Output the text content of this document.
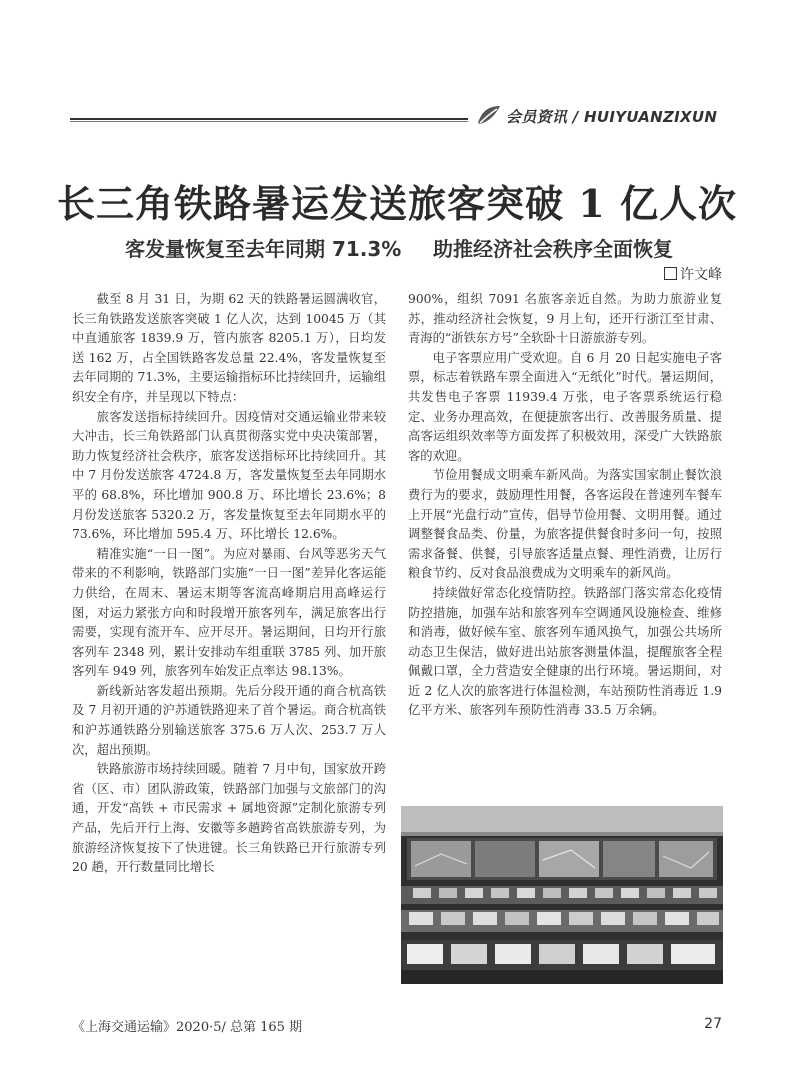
会员资讯 / HUIYUANZIXUN
长三角铁路暑运发送旅客突破 1 亿人次
客发量恢复至去年同期 71.3% 助推经济社会秩序全面恢复
许文峰

截至 8 月 31 日，为期 62 天的铁路暑运圆满收官，长三角铁路发送旅客突破 1 亿人次，达到 10045 万（其中直通旅客 1839.9 万，管内旅客 8205.1 万），日均发送 162 万，占全国铁路客发总量 22.4%，客发量恢复至去年同期的 71.3%，主要运输指标环比持续回升，运输组织安全有序，并呈现以下特点：

旅客发送指标持续回升。因疫情对交通运输业带来较大冲击，长三角铁路部门认真贯彻落实党中央决策部署，助力恢复经济社会秩序，旅客发送指标环比持续回升。其中 7 月份发送旅客 4724.8 万，客发量恢复至去年同期水平的 68.8%，环比增加 900.8 万、环比增长 23.6%；8 月份发送旅客 5320.2 万，客发量恢复至去年同期水平的 73.6%，环比增加 595.4 万、环比增长 12.6%。

精准实施“一日一图”。为应对暴雨、台风等恶劣天气带来的不利影响，铁路部门实施“一日一图”差异化客运能力供给，在周末、暑运末期等客流高峰期启用高峰运行图，对运力紧张方向和时段增开旅客列车，满足旅客出行需要，实现有流开车、应开尽开。暑运期间，日均开行旅客列车 2348 列，累计安排动车组重联 3785 列、加开旅客列车 949 列，旅客列车始发正点率达 98.13%。

新线新站客发超出预期。先后分段开通的商合杭高铁及 7 月初开通的沪苏通铁路迎来了首个暑运。商合杭高铁和沪苏通铁路分别输送旅客 375.6 万人次、253.7 万人次，超出预期。

铁路旅游市场持续回暖。随着 7 月中旬，国家放开跨省（区、市）团队游政策，铁路部门加强与文旅部门的沟通，开发“高铁 + 市民需求 + 属地资源”定制化旅游专列产品，先后开行上海、安徽等多趟跨省高铁旅游专列，为旅游经济恢复按下了快进键。长三角铁路已开行旅游专列 20 趟，开行数量同比增长

900%，组织 7091 名旅客亲近自然。为助力旅游业复苏，推动经济社会恢复，9 月上旬，还开行浙江至甘肃、青海的“浙铁东方号”全软卧十日游旅游专列。

电子客票应用广受欢迎。自 6 月 20 日起实施电子客票，标志着铁路车票全面进入“无纸化”时代。暑运期间，共发售电子客票 11939.4 万张，电子客票系统运行稳定、业务办理高效，在便捷旅客出行、改善服务质量、提高客运组织效率等方面发挥了积极效用，深受广大铁路旅客的欢迎。

节俭用餐成文明乘车新风尚。为落实国家制止餐饮浪费行为的要求，鼓励理性用餐，各客运段在普速列车餐车上开展“光盘行动”宣传，倡导节俭用餐、文明用餐。通过调整餐食品类、份量，为旅客提供餐食时多问一句，按照需求备餐、供餐，引导旅客适量点餐、理性消费，让厉行粮食节约、反对食品浪费成为文明乘车的新风尚。

持续做好常态化疫情防控。铁路部门落实常态化疫情防控措施，加强车站和旅客列车空调通风设施检查、维修和消毒，做好候车室、旅客列车通风换气，加强公共场所动态卫生保洁，做好进出站旅客测量体温，提醒旅客全程佩戴口罩，全力营造安全健康的出行环境。暑运期间，对近 2 亿人次的旅客进行体温检测，车站预防性消毒近 1.9 亿平方米、旅客列车预防性消毒 33.5 万余辆。

《上海交通运输》2020·5/ 总第 165 期	27
